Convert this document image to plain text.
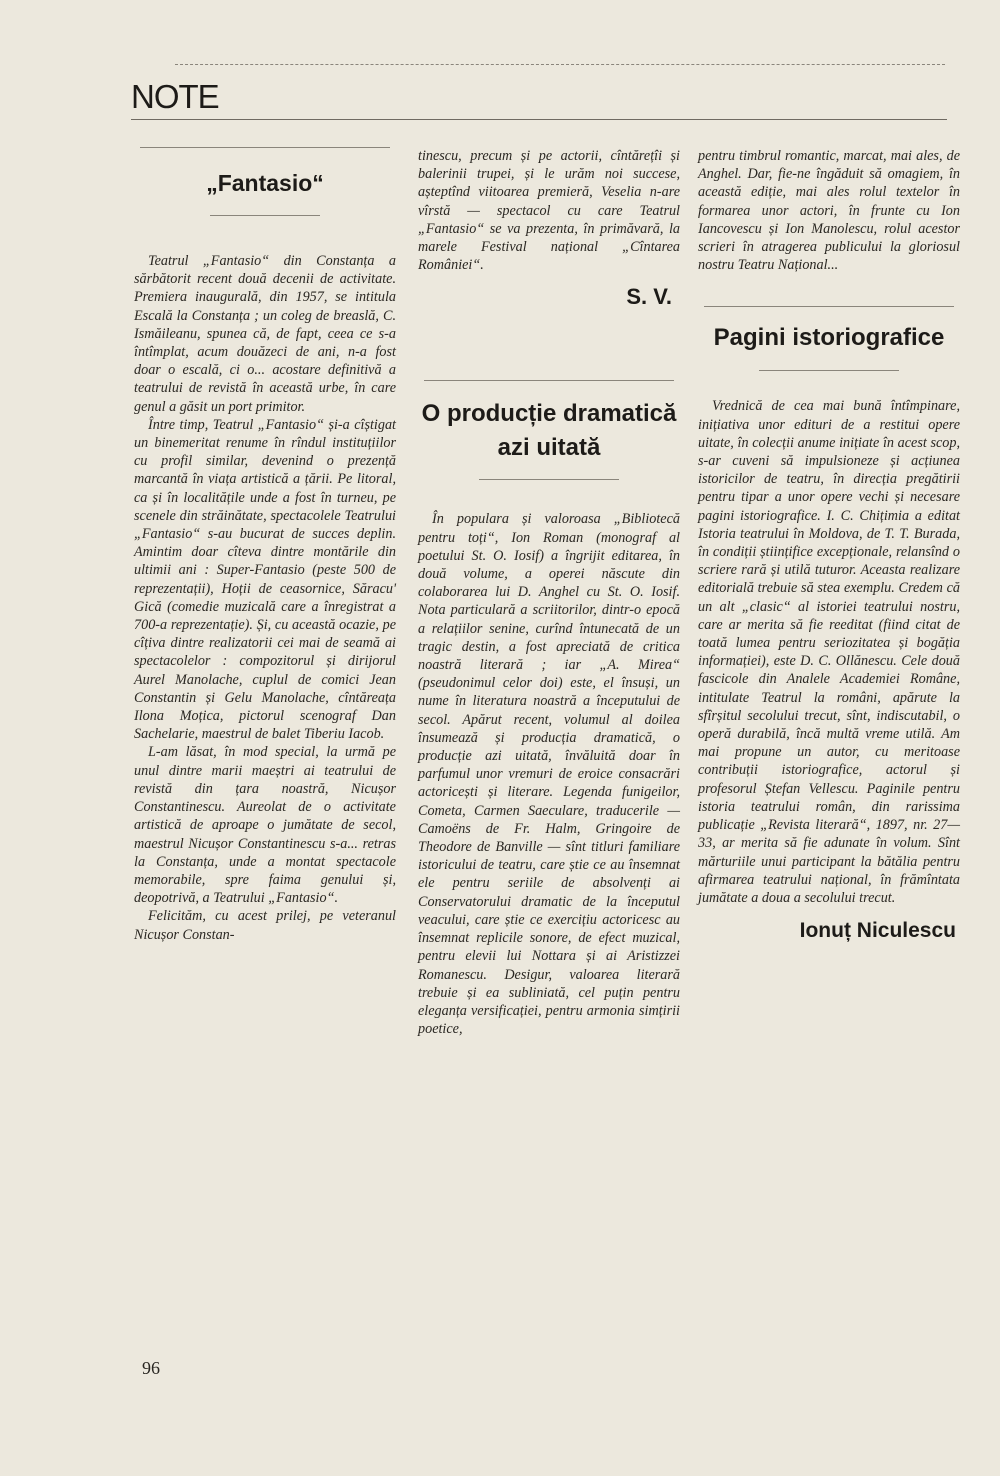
NOTE
„Fantasio“

Teatrul „Fantasio“ din Constanța a sărbătorit recent două decenii de activitate. Premiera inaugurală, din 1957, se intitula Escală la Constanța ; un coleg de breaslă, C. Ismăileanu, spunea că, de fapt, ceea ce s-a întîmplat, acum douăzeci de ani, n-a fost doar o escală, ci o... acostare definitivă a teatrului de revistă în această urbe, în care genul a găsit un port primitor.

Între timp, Teatrul „Fantasio“ și-a cîștigat un binemeritat renume în rîndul instituțiilor cu profil similar, devenind o prezență marcantă în viața artistică a țării. Pe litoral, ca și în localitățile unde a fost în turneu, pe scenele din străinătate, spectacolele Teatrului „Fantasio“ s-au bucurat de succes deplin. Amintim doar cîteva dintre montările din ultimii ani : Super-Fantasio (peste 500 de reprezentații), Hoții de ceasornice, Săracu' Gică (comedie muzicală care a înregistrat a 700-a reprezentație). Și, cu această ocazie, pe cîțiva dintre realizatorii cei mai de seamă ai spectacolelor : compozitorul și dirijorul Aurel Manolache, cuplul de comici Jean Constantin și Gelu Manolache, cîntăreața Ilona Moțica, pictorul scenograf Dan Sachelarie, maestrul de balet Tiberiu Iacob.

L-am lăsat, în mod special, la urmă pe unul dintre marii maeștri ai teatrului de revistă din țara noastră, Nicușor Constantinescu. Aureolat de o activitate artistică de aproape o jumătate de secol, maestrul Nicușor Constantinescu s-a... retras la Constanța, unde a montat spectacole memorabile, spre faima genului și, deopotrivă, a Teatrului „Fantasio“.

Felicităm, cu acest prilej, pe veteranul Nicușor Constan-

tinescu, precum și pe actorii, cîntărețîi și balerinii trupei, și le urăm noi succese, așteptînd viitoarea premieră, Veselia n-are vîrstă — spectacol cu care Teatrul „Fantasio“ se va prezenta, în primăvară, la marele Festival național „Cîntarea României“.

S. V.
O producție dramatică azi uitată

În populara și valoroasa „Bibliotecă pentru toți“, Ion Roman (monograf al poetului St. O. Iosif) a îngrijit editarea, în două volume, a operei născute din colaborarea lui D. Anghel cu St. O. Iosif. Nota particulară a scriitorilor, dintr-o epocă a relațiilor senine, curînd întunecată de un tragic destin, a fost apreciată de critica noastră literară ; iar „A. Mirea“ (pseudonimul celor doi) este, el însuși, un nume în literatura noastră a începutului de secol. Apărut recent, volumul al doilea însumează și producția dramatică, o producție azi uitată, învăluită doar în parfumul unor vremuri de eroice consacrări actoricești și literare. Legenda funigeilor, Cometa, Carmen Saeculare, traducerile — Camoëns de Fr. Halm, Gringoire de Theodore de Banville — sînt titluri familiare istoricului de teatru, care știe ce au însemnat ele pentru seriile de absolvenți ai Conservatorului dramatic de la începutul veacului, care știe ce exercițiu actoricesc au însemnat replicile sonore, de efect muzical, pentru elevii lui Nottara și ai Aristizzei Romanescu. Desigur, valoarea literară trebuie și ea subliniată, cel puțin pentru eleganța versificației, pentru armonia simțirii poetice,

pentru timbrul romantic, marcat, mai ales, de Anghel. Dar, fie-ne îngăduit să omagiem, în această ediție, mai ales rolul textelor în formarea unor actori, în frunte cu Ion Iancovescu și Ion Manolescu, rolul acestor scrieri în atragerea publicului la gloriosul nostru Teatru Național...

Pagini istoriografice

Vrednică de cea mai bună întîmpinare, inițiativa unor edituri de a restitui opere uitate, în colecții anume inițiate în acest scop, s-ar cuveni să impulsioneze și acțiunea istoricilor de teatru, în direcția pregătirii pentru tipar a unor opere vechi și necesare pagini istoriografice. I. C. Chițimia a editat Istoria teatrului în Moldova, de T. T. Burada, în condiții științifice excepționale, relansînd o scriere rară și utilă tuturor. Aceasta realizare editorială trebuie să stea exemplu. Credem că un alt „clasic“ al istoriei teatrului nostru, care ar merita să fie reeditat (fiind citat de toată lumea pentru seriozitatea și bogăția informației), este D. C. Ollănescu. Cele două fascicole din Analele Academiei Române, intitulate Teatrul la români, apărute la sfîrșitul secolului trecut, sînt, indiscutabil, o operă durabilă, încă multă vreme utilă. Am mai propune un autor, cu meritoase contribuții istoriografice, actorul și profesorul Ștefan Vellescu. Paginile pentru istoria teatrului român, din rarissima publicație „Revista literară“, 1897, nr. 27—33, ar merita să fie adunate în volum. Sînt mărturiile unui participant la bătălia pentru afirmarea teatrului național, în frămîntata jumătate a doua a secolului trecut.

Ionuț Niculescu

96
